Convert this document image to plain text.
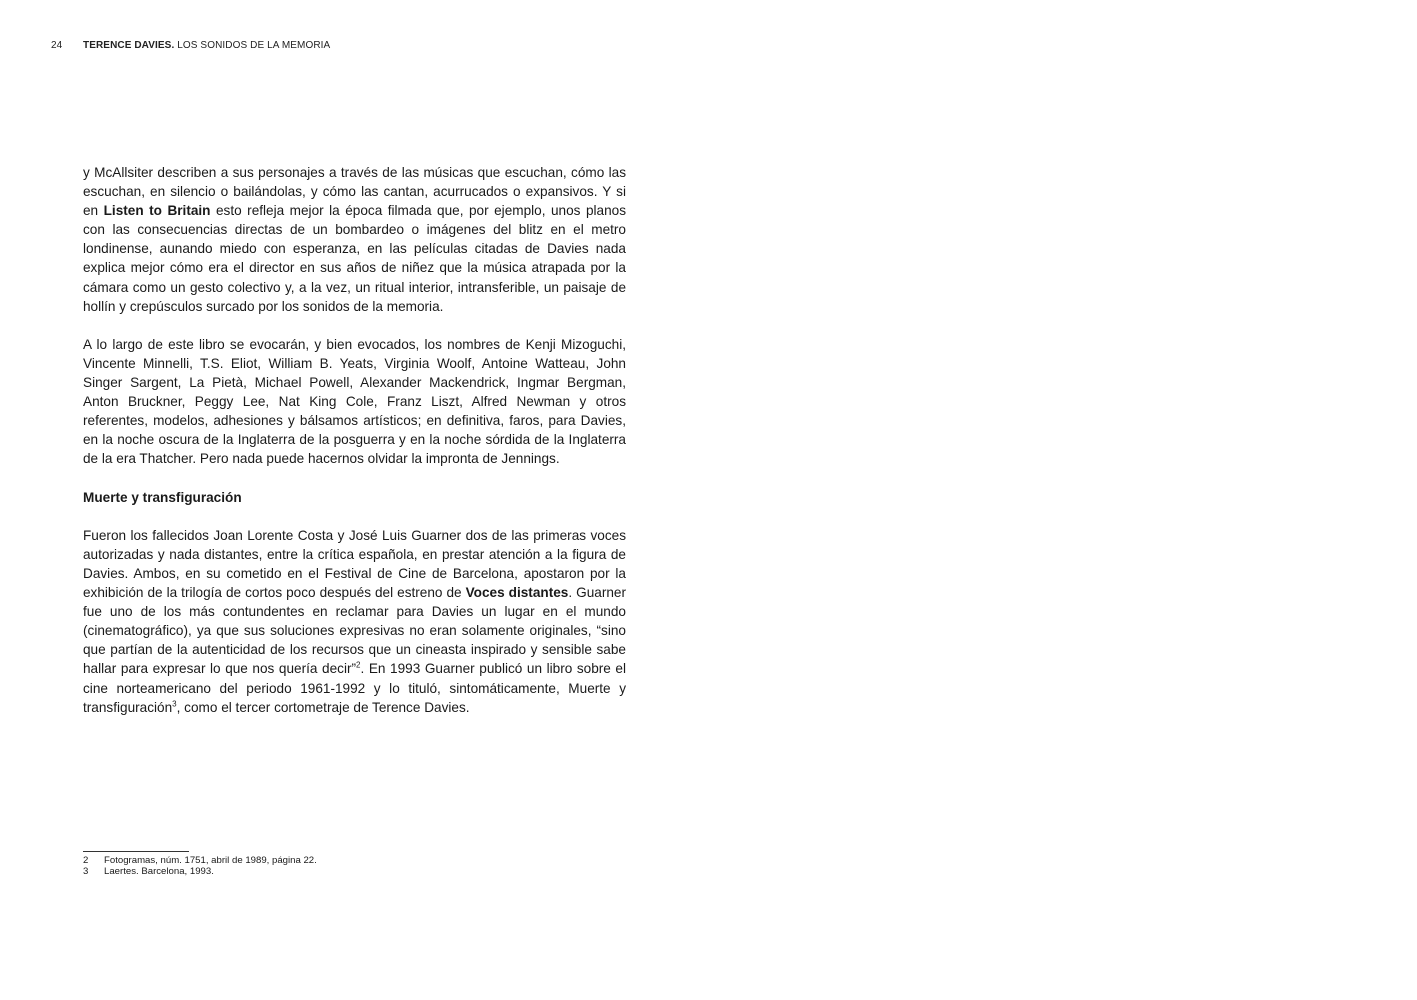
24 TERENCE DAVIES. LOS SONIDOS DE LA MEMORIA

y McAllsiter describen a sus personajes a través de las músicas que escuchan, cómo las escuchan, en silencio o bailándolas, y cómo las cantan, acurrucados o expansivos. Y si en Listen to Britain esto refleja mejor la época filmada que, por ejemplo, unos planos con las consecuencias directas de un bombardeo o imágenes del blitz en el metro londinense, aunando miedo con esperanza, en las películas citadas de Davies nada explica mejor cómo era el director en sus años de niñez que la música atrapada por la cámara como un gesto colectivo y, a la vez, un ritual interior, intransferible, un paisaje de hollín y crepúsculos surcado por los sonidos de la memoria.

A lo largo de este libro se evocarán, y bien evocados, los nombres de Kenji Mizoguchi, Vincente Minnelli, T.S. Eliot, William B. Yeats, Virginia Woolf, Antoine Watteau, John Singer Sargent, La Pietà, Michael Powell, Alexander Mackendrick, Ingmar Bergman, Anton Bruckner, Peggy Lee, Nat King Cole, Franz Liszt, Alfred Newman y otros referentes, modelos, adhesiones y bálsamos artísticos; en definitiva, faros, para Davies, en la noche oscura de la Inglaterra de la posguerra y en la noche sórdida de la Inglaterra de la era Thatcher. Pero nada puede hacernos olvidar la impronta de Jennings.

Muerte y transfiguración

Fueron los fallecidos Joan Lorente Costa y José Luis Guarner dos de las primeras voces autorizadas y nada distantes, entre la crítica española, en prestar atención a la figura de Davies. Ambos, en su cometido en el Festival de Cine de Barcelona, apostaron por la exhibición de la trilogía de cortos poco después del estreno de Voces distantes. Guarner fue uno de los más contundentes en reclamar para Davies un lugar en el mundo (cinematográfico), ya que sus soluciones expresivas no eran solamente originales, “sino que partían de la autenticidad de los recursos que un cineasta inspirado y sensible sabe hallar para expresar lo que nos quería decir”$^2$. En 1993 Guarner publicó un libro sobre el cine norteamericano del periodo 1961-1992 y lo tituló, sintomáticamente, Muerte y transfiguración$^3$, como el tercer cortometraje de Terence Davies.

2	Fotogramas, núm. 1751, abril de 1989, página 22.
3	Laertes. Barcelona, 1993.
